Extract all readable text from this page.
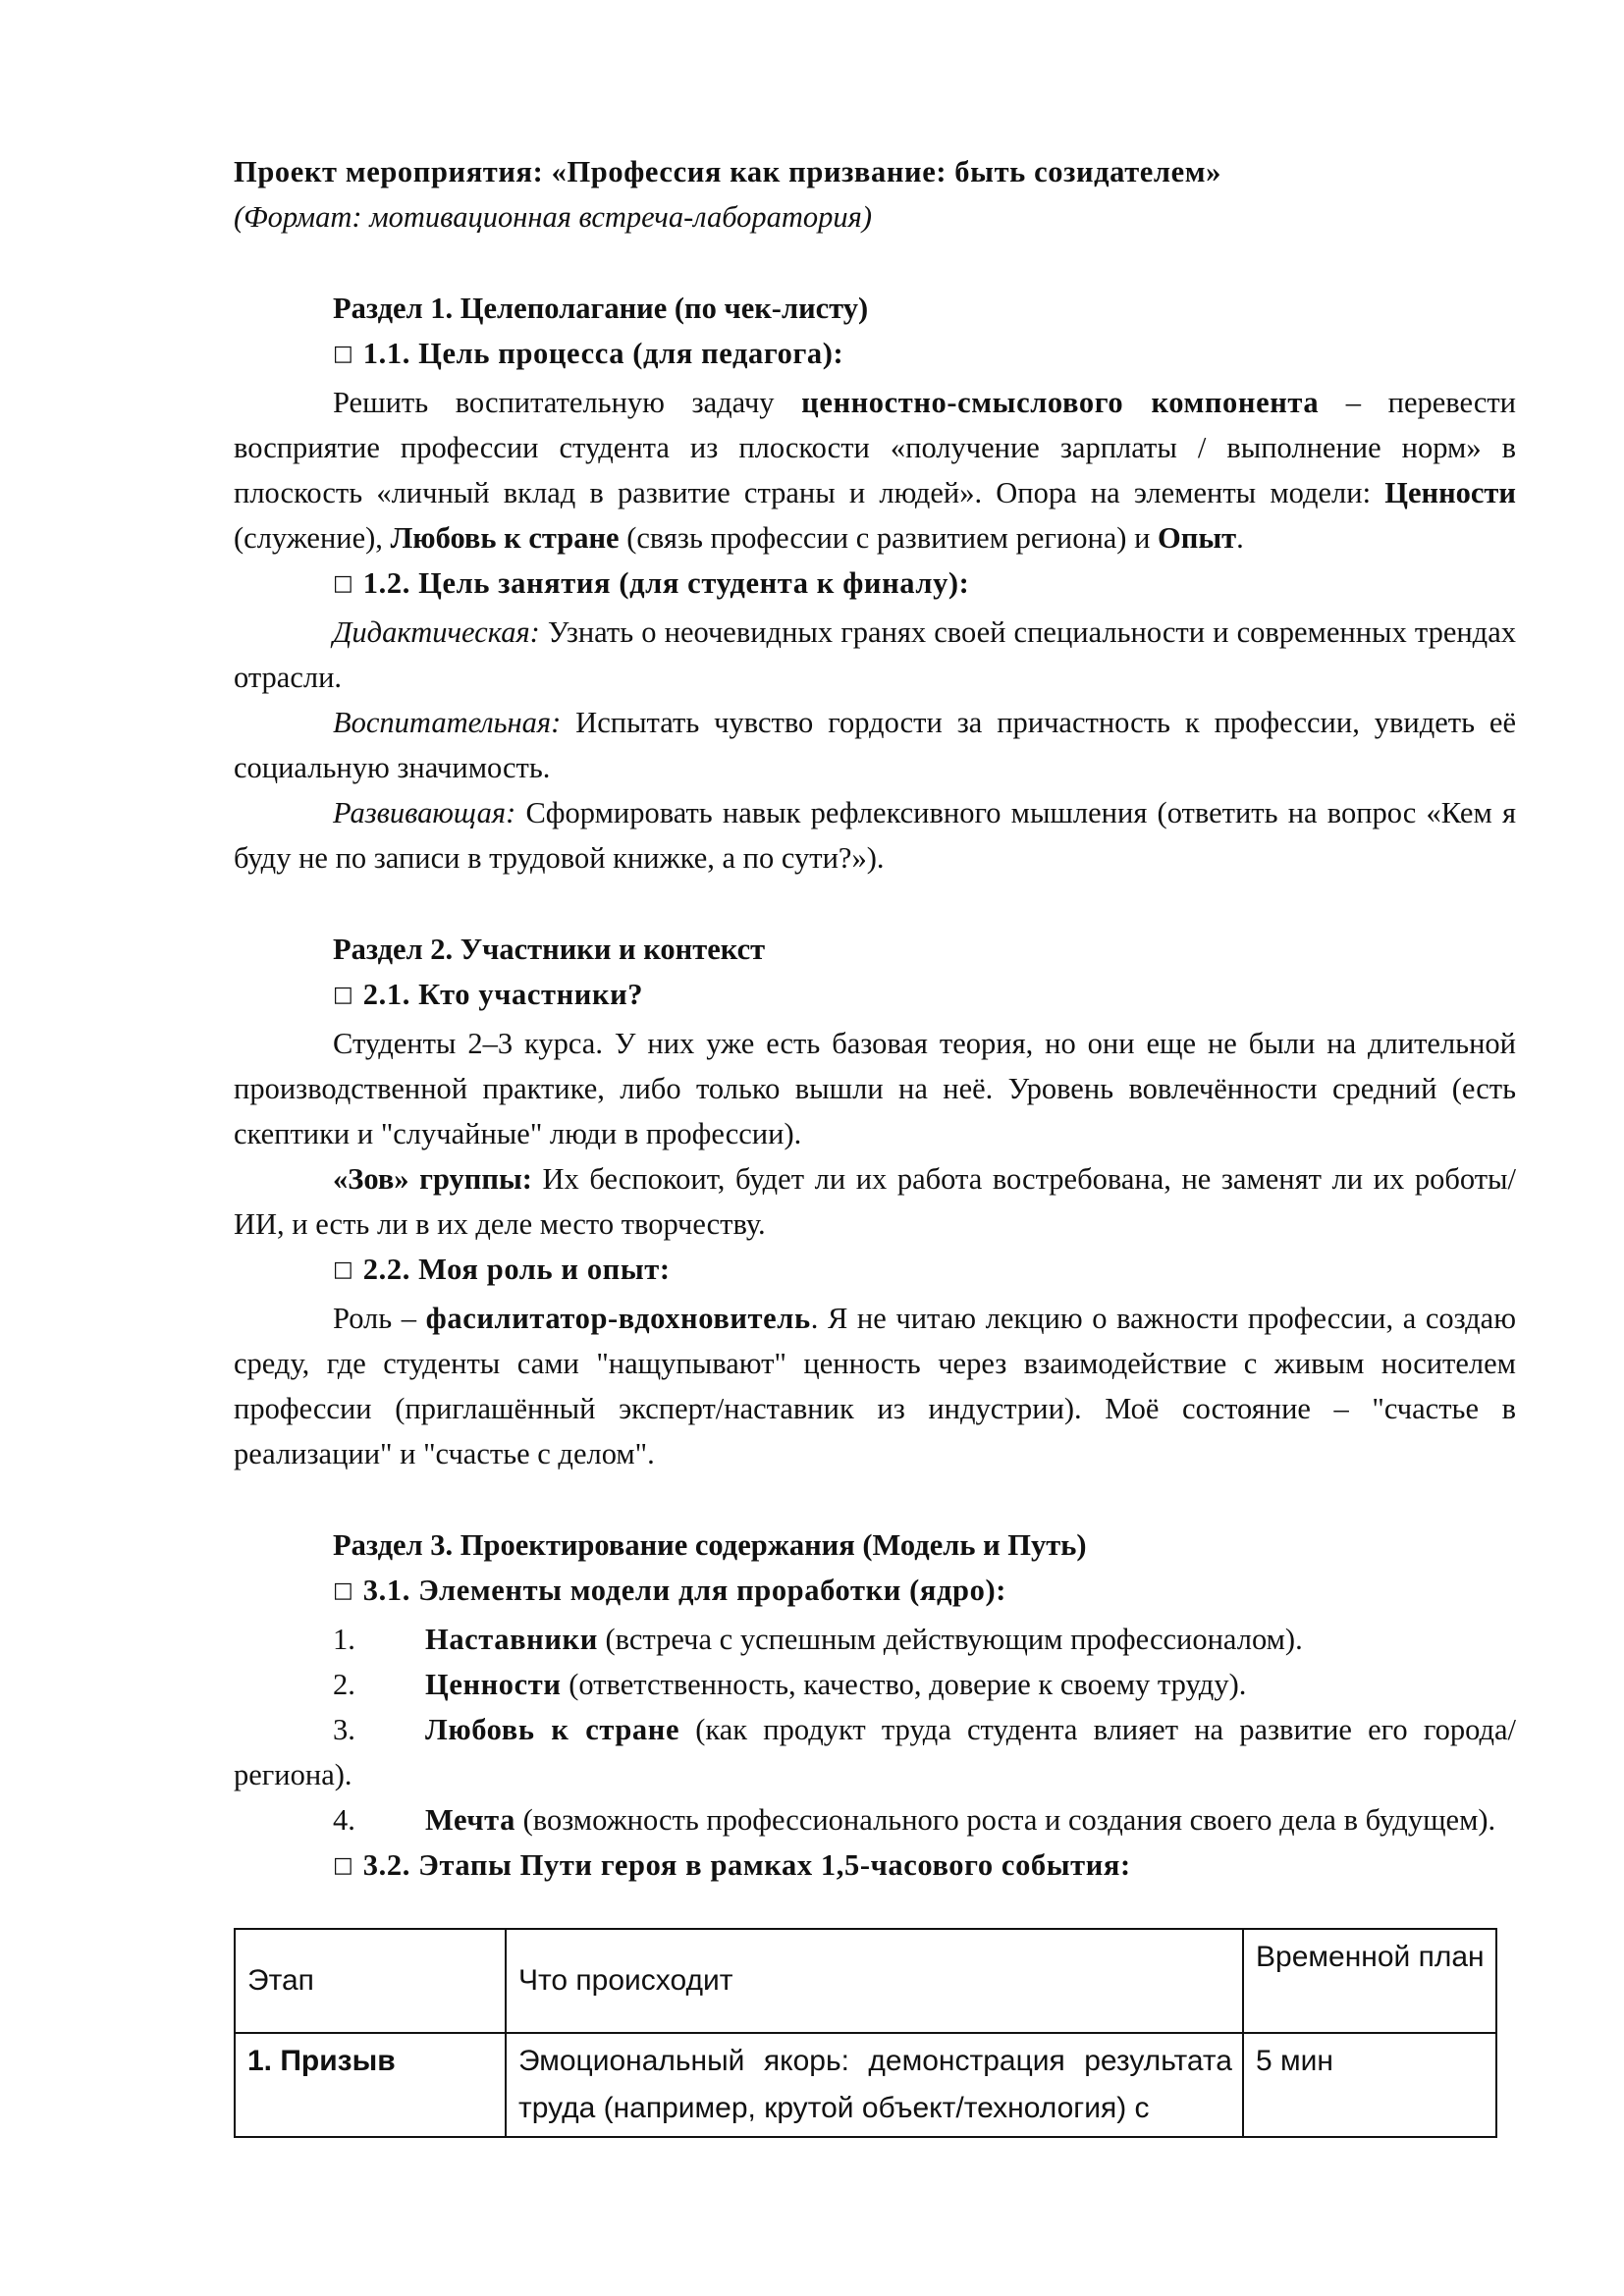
Проект мероприятия: «Профессия как призвание: быть созидателем»

(Формат: мотивационная встреча-лаборатория)

Раздел 1. Целеполагание (по чек-листу)

□ 1.1. Цель процесса (для педагога):

Решить воспитательную задачу ценностно-смыслового компонента – перевести восприятие профессии студента из плоскости «получение зарплаты / выполнение норм» в плоскость «личный вклад в развитие страны и людей». Опора на элементы модели: Ценности (служение), Любовь к стране (связь профессии с развитием региона) и Опыт.

□ 1.2. Цель занятия (для студента к финалу):

Дидактическая: Узнать о неочевидных гранях своей специальности и современных трендах отрасли.

Воспитательная: Испытать чувство гордости за причастность к профессии, увидеть её социальную значимость.

Развивающая: Сформировать навык рефлексивного мышления (ответить на вопрос «Кем я буду не по записи в трудовой книжке, а по сути?»).

Раздел 2. Участники и контекст

□ 2.1. Кто участники?

Студенты 2–3 курса. У них уже есть базовая теория, но они еще не были на длительной производственной практике, либо только вышли на неё. Уровень вовлечённости средний (есть скептики и "случайные" люди в профессии).

«Зов» группы: Их беспокоит, будет ли их работа востребована, не заменят ли их роботы/ИИ, и есть ли в их деле место творчеству.

□ 2.2. Моя роль и опыт:

Роль – фасилитатор-вдохновитель. Я не читаю лекцию о важности профессии, а создаю среду, где студенты сами "нащупывают" ценность через взаимодействие с живым носителем профессии (приглашённый эксперт/наставник из индустрии). Моё состояние – "счастье в реализации" и "счастье с делом".

Раздел 3. Проектирование содержания (Модель и Путь)

□ 3.1. Элементы модели для проработки (ядро):

1. Наставники (встреча с успешным действующим профессионалом).

2. Ценности (ответственность, качество, доверие к своему труду).

3. Любовь к стране (как продукт труда студента влияет на развитие его города/региона).

4. Мечта (возможность профессионального роста и создания своего дела в будущем).

□ 3.2. Этапы Пути героя в рамках 1,5-часового события:

Этап	Что происходит	Временной план
1. Призыв	Эмоциональный якорь: демонстрация результата труда (например, крутой объект/технология) с	5 мин
